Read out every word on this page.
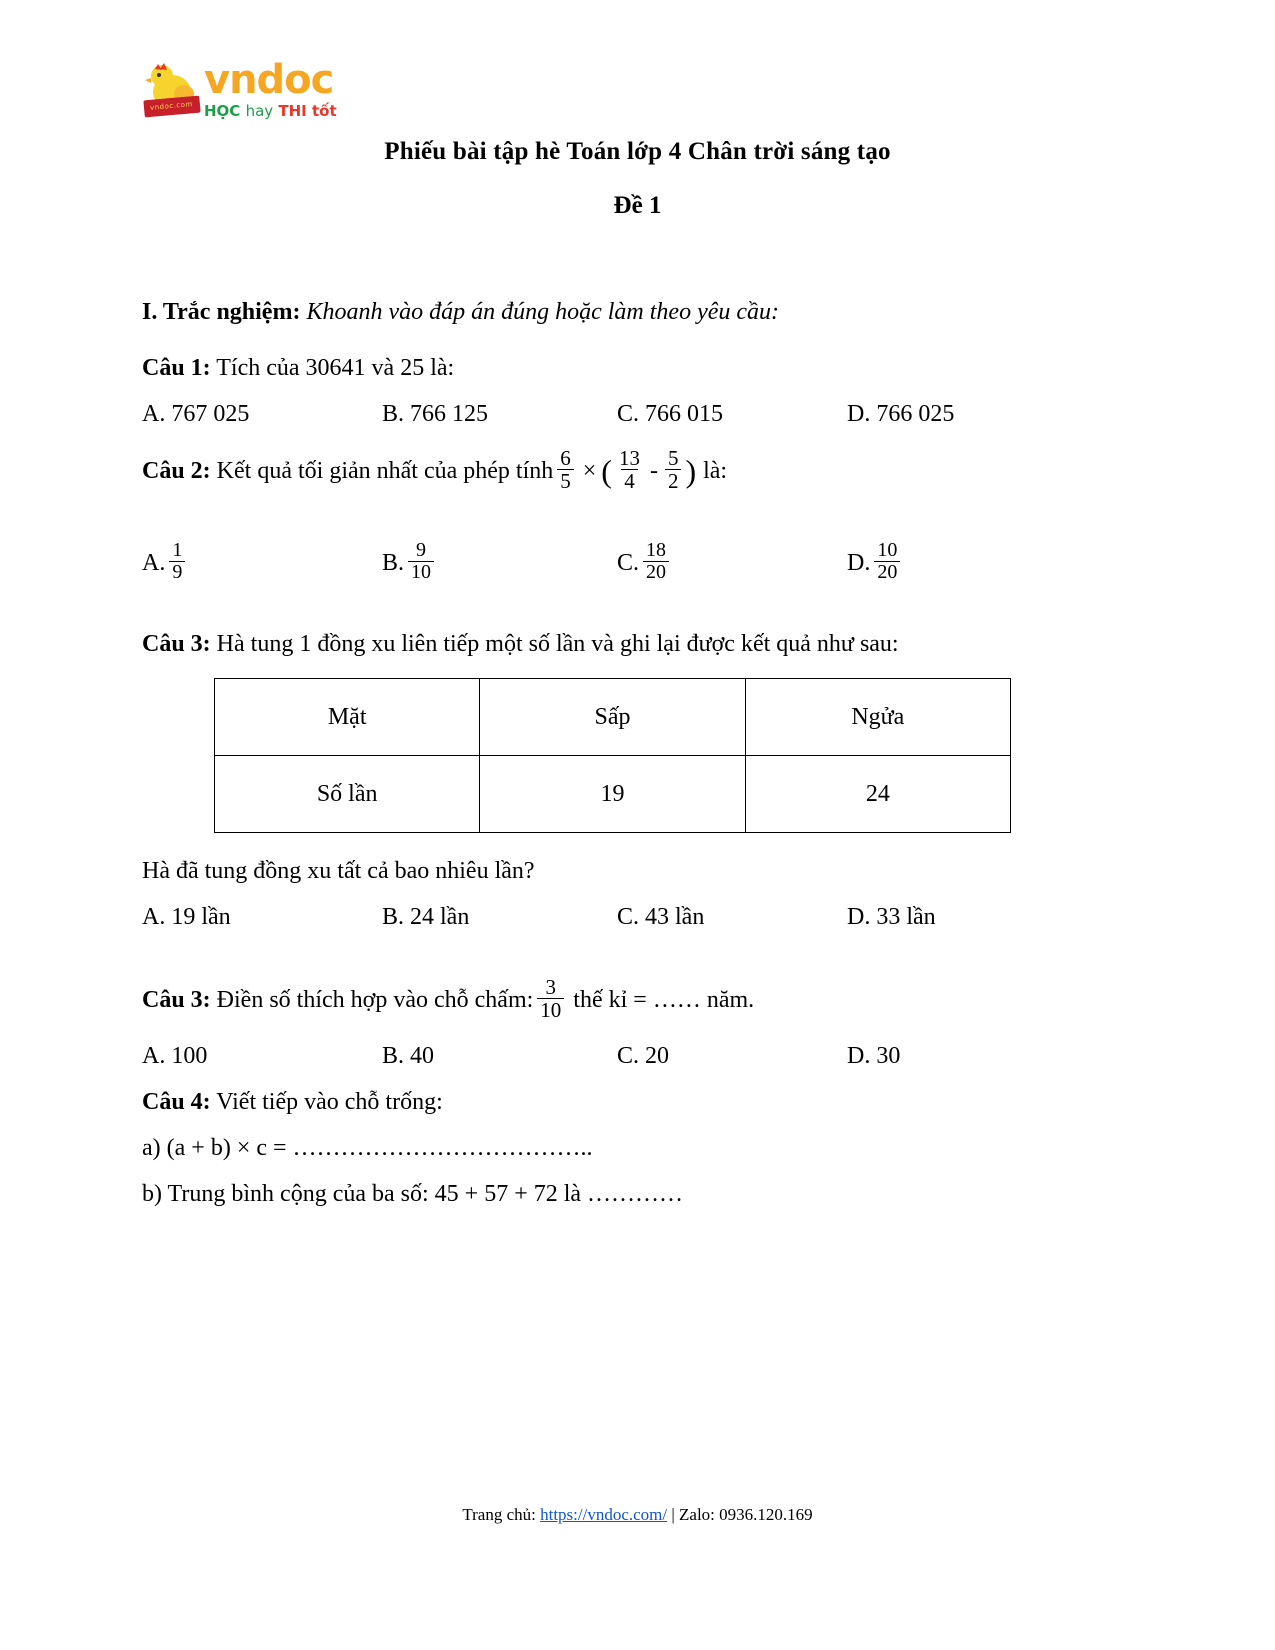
vndoc.com
vndoc
HỌC hay THI tốt
Phiếu bài tập hè Toán lớp 4 Chân trời sáng tạo
Đề 1
I. Trắc nghiệm: Khoanh vào đáp án đúng hoặc làm theo yêu cầu:
Câu 1: Tích của 30641 và 25 là:
A. 767 025	B. 766 125	C. 766 015	D. 766 025
Câu 2: Kết quả tối giản nhất của phép tính $\frac{6}{5}$ × ( $\frac{13}{4} - \frac{5}{2}$ ) là:
A. $\frac{1}{9}$	B. $\frac{9}{10}$	C. $\frac{18}{20}$	D. $\frac{10}{20}$
Câu 3: Hà tung 1 đồng xu liên tiếp một số lần và ghi lại được kết quả như sau:
Mặt	Sấp	Ngửa
Số lần	19	24
Hà đã tung đồng xu tất cả bao nhiêu lần?
A. 19 lần	B. 24 lần	C. 43 lần	D. 33 lần
Câu 3: Điền số thích hợp vào chỗ chấm: $\frac{3}{10}$ thế kỉ = …… năm.
A. 100	B. 40	C. 20	D. 30
Câu 4: Viết tiếp vào chỗ trống:
a) (a + b) × c = ………………………………..
b) Trung bình cộng của ba số: 45 + 57 + 72 là …………
Trang chủ: https://vndoc.com/ | Zalo: 0936.120.169
